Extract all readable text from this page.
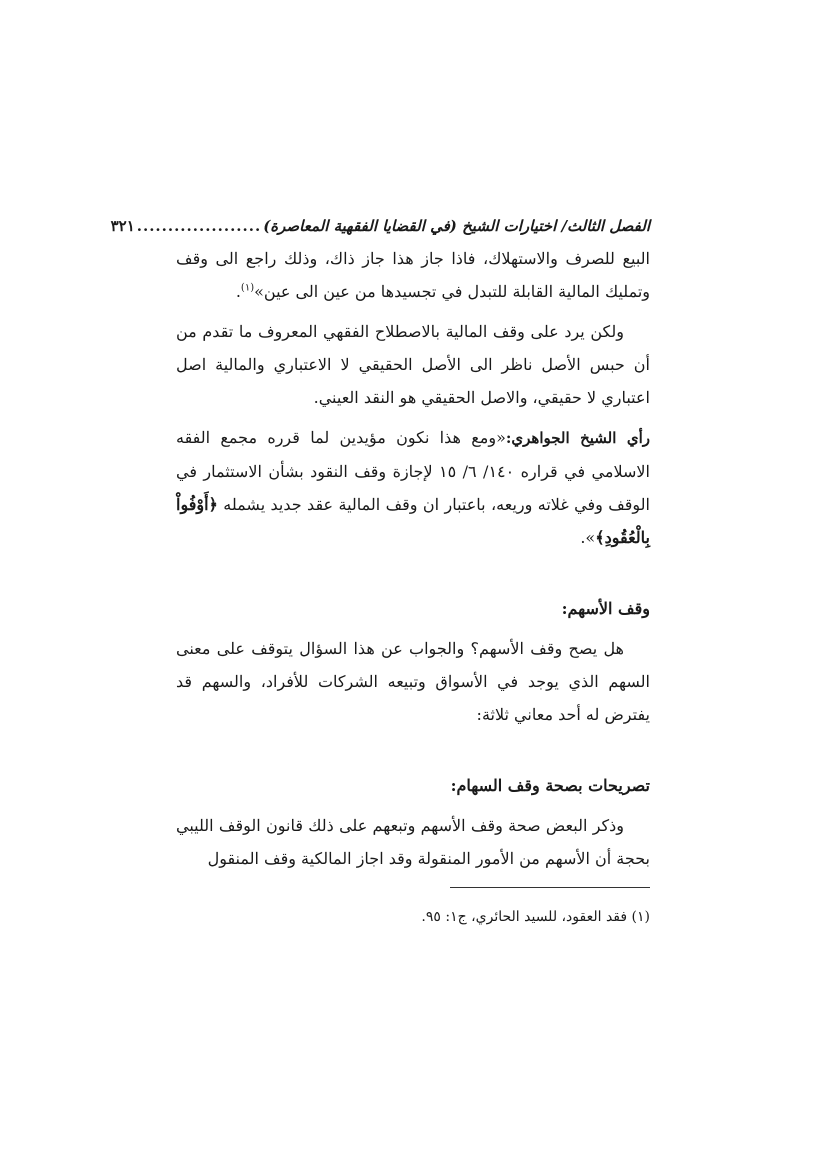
الفصل الثالث/ اختيارات الشيخ (في القضايا الفقهية المعاصرة)
....................
٣٢١

البيع للصرف والاستهلاك، فاذا جاز هذا جاز ذاك، وذلك راجع الى وقف وتمليك المالية القابلة للتبدل في تجسيدها من عين الى عين»$^{(١)}$.

ولكن يرد على وقف المالية بالاصطلاح الفقهي المعروف ما تقدم من أن حبس الأصل ناظر الى الأصل الحقيقي لا الاعتباري والمالية اصل اعتباري لا حقيقي، والاصل الحقيقي هو النقد العيني.

رأي الشيخ الجواهري:«ومع هذا نكون مؤيدين لما قرره مجمع الفقه الاسلامي في قراره ١٤٠/ ٦/ ١٥ لإجازة وقف النقود بشأن الاستثمار في الوقف وفي غلاته وريعه، باعتبار ان وقف المالية عقد جديد يشمله ﴿أَوْفُواْ بِالْعُقُودِ﴾».

وقف الأسهم:

هل يصح وقف الأسهم؟ والجواب عن هذا السؤال يتوقف على معنى السهم الذي يوجد في الأسواق وتبيعه الشركات للأفراد، والسهم قد يفترض له أحد معاني ثلاثة:

تصريحات بصحة وقف السهام:

وذكر البعض صحة وقف الأسهم وتبعهم على ذلك قانون الوقف الليبي بحجة أن الأسهم من الأمور المنقولة وقد اجاز المالكية وقف المنقول

(١) فقد العقود، للسيد الحائري، ج١: ٩٥.
